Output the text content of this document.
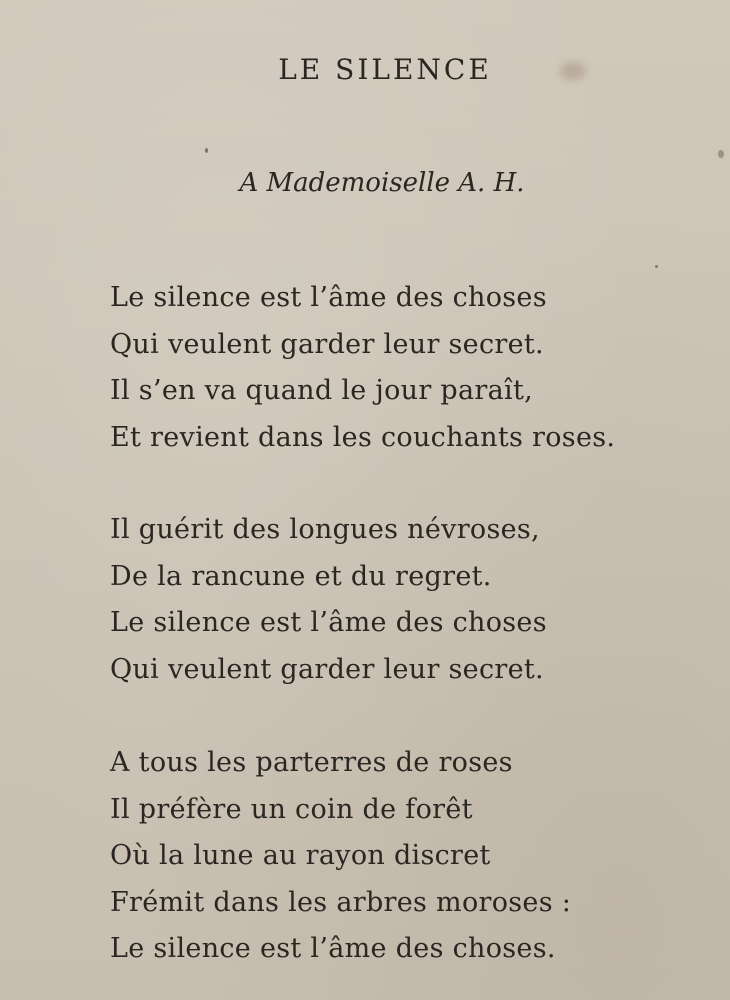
LE SILENCE
A Mademoiselle A. H.
Le silence est l’âme des choses
Qui veulent garder leur secret.
Il s’en va quand le jour paraît,
Et revient dans les couchants roses.
Il guérit des longues névroses,
De la rancune et du regret.
Le silence est l’âme des choses
Qui veulent garder leur secret.
A tous les parterres de roses
Il préfère un coin de forêt
Où la lune au rayon discret
Frémit dans les arbres moroses :
Le silence est l’âme des choses.
